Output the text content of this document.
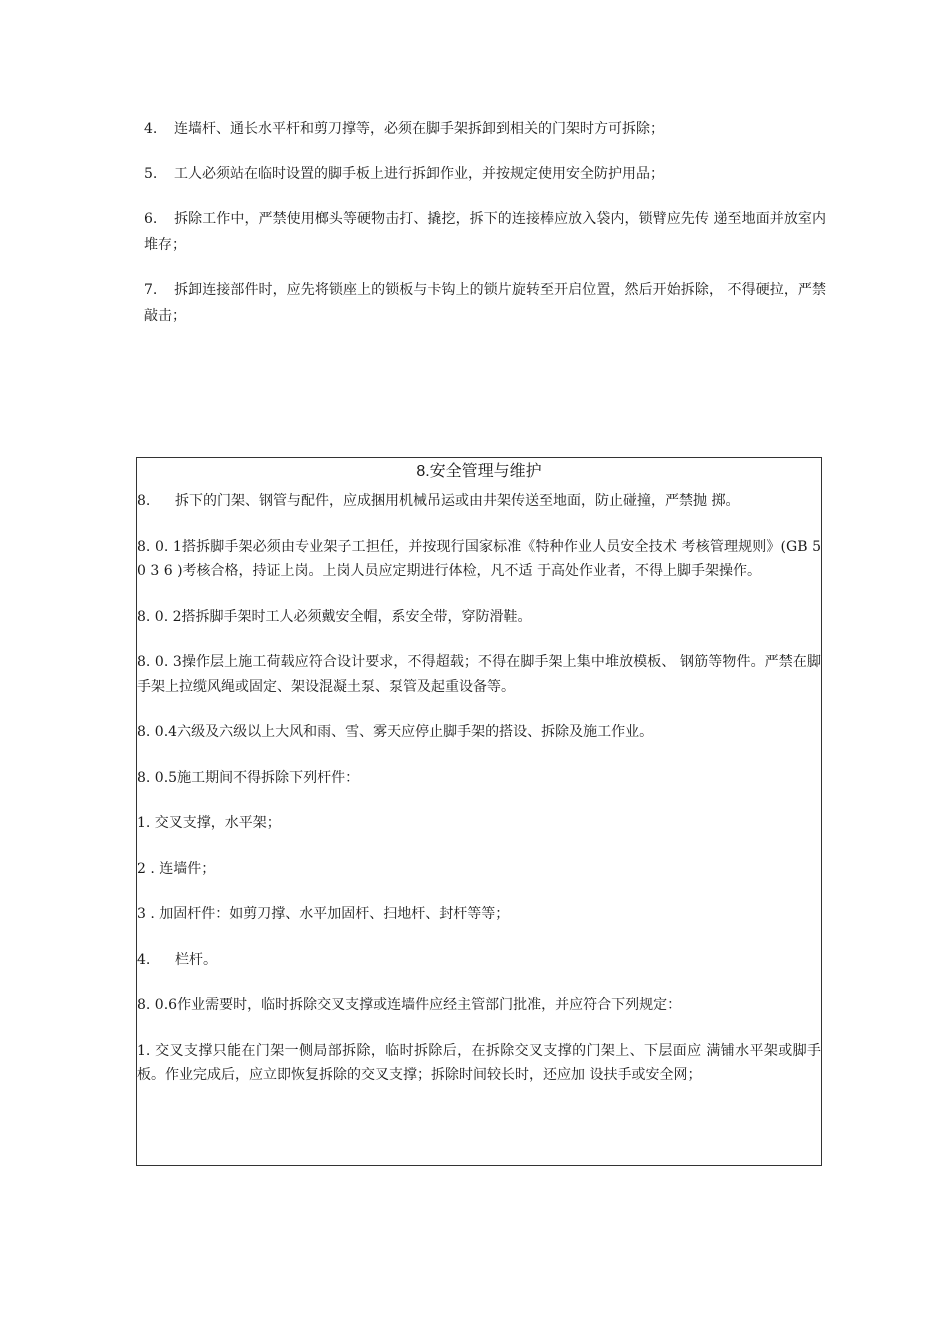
4. 连墙杆、通长水平杆和剪刀撑等，必须在脚手架拆卸到相关的门架时方可拆除；
5. 工人必须站在临时设置的脚手板上进行拆卸作业，并按规定使用安全防护用品；
6. 拆除工作中，严禁使用榔头等硬物击打、撬挖，拆下的连接棒应放入袋内，锁臂应先传 递至地面并放室内堆存；
7. 拆卸连接部件时，应先将锁座上的锁板与卡钩上的锁片旋转至开启位置，然后开始拆除， 不得硬拉，严禁敲击；
8.安全管理与维护
8. 拆下的门架、钢管与配件，应成捆用机械吊运或由井架传送至地面，防止碰撞，严禁抛 掷。
8. 0. 1搭拆脚手架必须由专业架子工担任，并按现行国家标准《特种作业人员安全技术 考核管理规则》(GB 5 0 3 6 )考核合格，持证上岗。上岗人员应定期进行体检，凡不适 于高处作业者，不得上脚手架操作。
8. 0. 2搭拆脚手架时工人必须戴安全帽，系安全带，穿防滑鞋。
8. 0. 3操作层上施工荷载应符合设计要求，不得超载；不得在脚手架上集中堆放模板、 钢筋等物件。严禁在脚手架上拉缆风绳或固定、架设混凝土泵、泵管及起重设备等。
8. 0.4六级及六级以上大风和雨、雪、雾天应停止脚手架的搭设、拆除及施工作业。
8. 0.5施工期间不得拆除下列杆件：
1. 交叉支撑，水平架；
2 . 连墙件；
3 . 加固杆件：如剪刀撑、水平加固杆、扫地杆、封杆等等；
4. 栏杆。
8. 0.6作业需要时，临时拆除交叉支撑或连墙件应经主管部门批准，并应符合下列规定：
1. 交叉支撑只能在门架一侧局部拆除，临时拆除后，在拆除交叉支撑的门架上、下层面应 满铺水平架或脚手板。作业完成后，应立即恢复拆除的交叉支撑；拆除时间较长时，还应加 设扶手或安全网；
